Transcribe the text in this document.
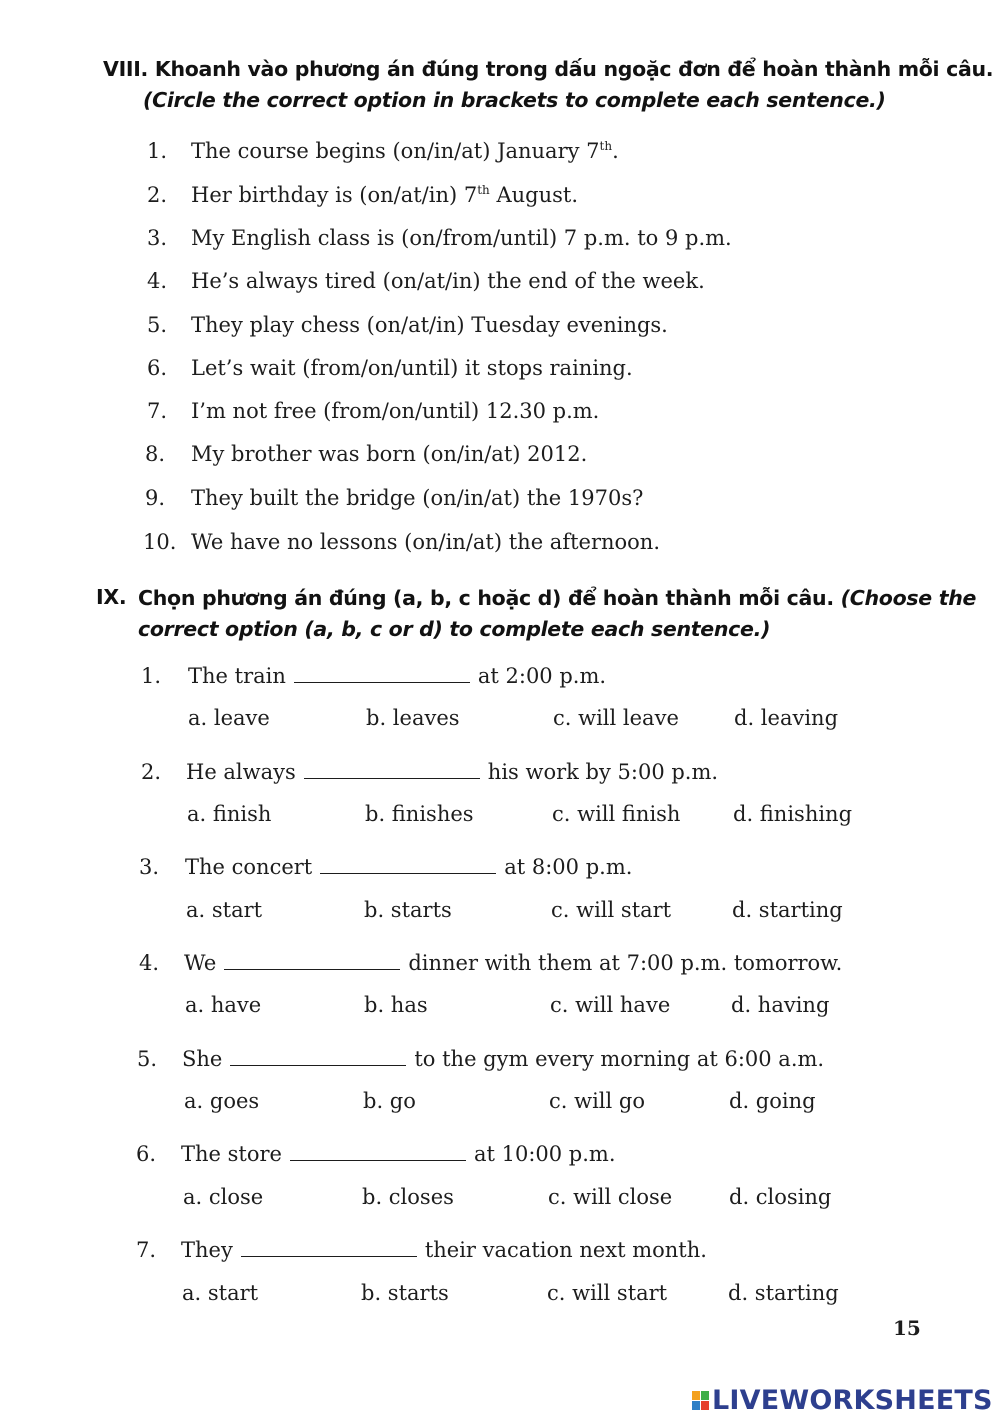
VIII. Khoanh vào phương án đúng trong dấu ngoặc đơn để hoàn thành mỗi câu.
(Circle the correct option in brackets to complete each sentence.)
1. The course begins (on/in/at) January 7th.
2. Her birthday is (on/at/in) 7th August.
3. My English class is (on/from/until) 7 p.m. to 9 p.m.
4. He’s always tired (on/at/in) the end of the week.
5. They play chess (on/at/in) Tuesday evenings.
6. Let’s wait (from/on/until) it stops raining.
7. I’m not free (from/on/until) 12.30 p.m.
8. My brother was born (on/in/at) 2012.
9. They built the bridge (on/in/at) the 1970s?
10. We have no lessons (on/in/at) the afternoon.
IX. Chọn phương án đúng (a, b, c hoặc d) để hoàn thành mỗi câu. (Choose the
correct option (a, b, c or d) to complete each sentence.)
1. The train	at 2:00 p.m.
a. leave	b. leaves	c. will leave	d. leaving
2. He always	his work by 5:00 p.m.
a. finish	b. finishes	c. will finish	d. finishing
3. The concert	at 8:00 p.m.
a. start	b. starts	c. will start	d. starting
4. We	dinner with them at 7:00 p.m. tomorrow.
a. have	b. has	c. will have	d. having
5. She	to the gym every morning at 6:00 a.m.
a. goes	b. go	c. will go	d. going
6. The store	at 10:00 p.m.
a. close	b. closes	c. will close	d. closing
7. They	their vacation next month.
a. start	b. starts	c. will start	d. starting
15
LIVEWORKSHEETS
